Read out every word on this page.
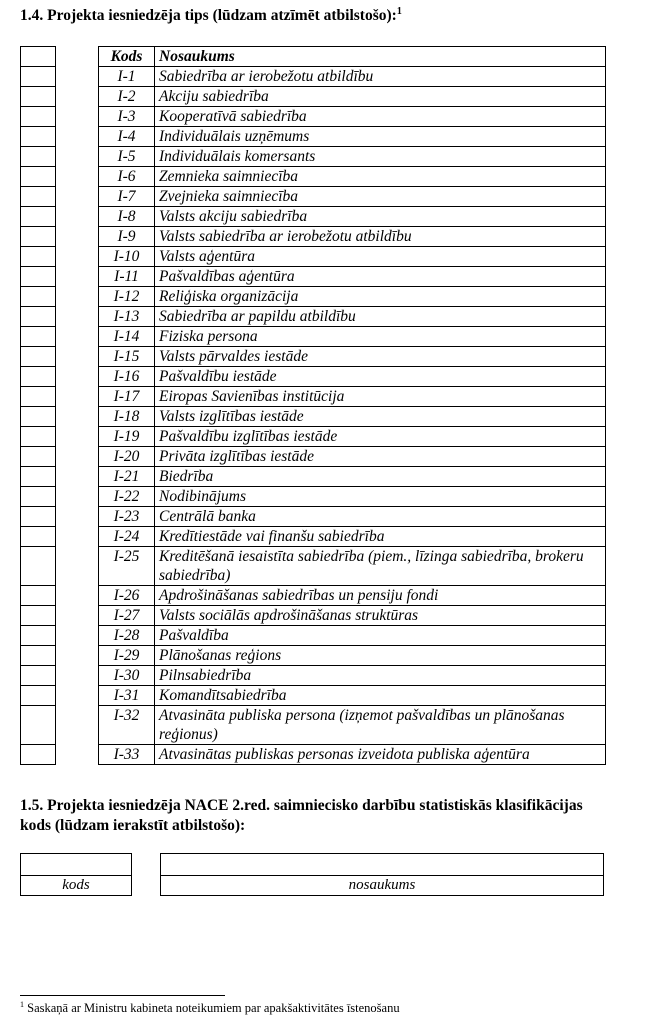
1.4. Projekta iesniedzēja tips (lūdzam atzīmēt atbilstošo):$^1$

Kods	Nosaukums
I-1	Sabiedrība ar ierobežotu atbildību
I-2	Akciju sabiedrība
I-3	Kooperatīvā sabiedrība
I-4	Individuālais uzņēmums
I-5	Individuālais komersants
I-6	Zemnieka saimniecība
I-7	Zvejnieka saimniecība
I-8	Valsts akciju sabiedrība
I-9	Valsts sabiedrība ar ierobežotu atbildību
I-10	Valsts aģentūra
I-11	Pašvaldības aģentūra
I-12	Reliģiska organizācija
I-13	Sabiedrība ar papildu atbildību
I-14	Fiziska persona
I-15	Valsts pārvaldes iestāde
I-16	Pašvaldību iestāde
I-17	Eiropas Savienības institūcija
I-18	Valsts izglītības iestāde
I-19	Pašvaldību izglītības iestāde
I-20	Privāta izglītības iestāde
I-21	Biedrība
I-22	Nodibinājums
I-23	Centrālā banka
I-24	Kredītiestāde vai finanšu sabiedrība
I-25	Kreditēšanā iesaistīta sabiedrība (piem., līzinga sabiedrība, brokeru sabiedrība)
I-26	Apdrošināšanas sabiedrības un pensiju fondi
I-27	Valsts sociālās apdrošināšanas struktūras
I-28	Pašvaldība
I-29	Plānošanas reģions
I-30	Pilnsabiedrība
I-31	Komandītsabiedrība
I-32	Atvasināta publiska persona (izņemot pašvaldības un plānošanas reģionus)
I-33	Atvasinātas publiskas personas izveidota publiska aģentūra
1.5. Projekta iesniedzēja NACE 2.red. saimniecisko darbību statistiskās klasifikācijas kods (lūdzam ierakstīt atbilstošo):

kods	nosaukums
$^1$ Saskaņā ar Ministru kabineta noteikumiem par apakšaktivitātes īstenošanu
